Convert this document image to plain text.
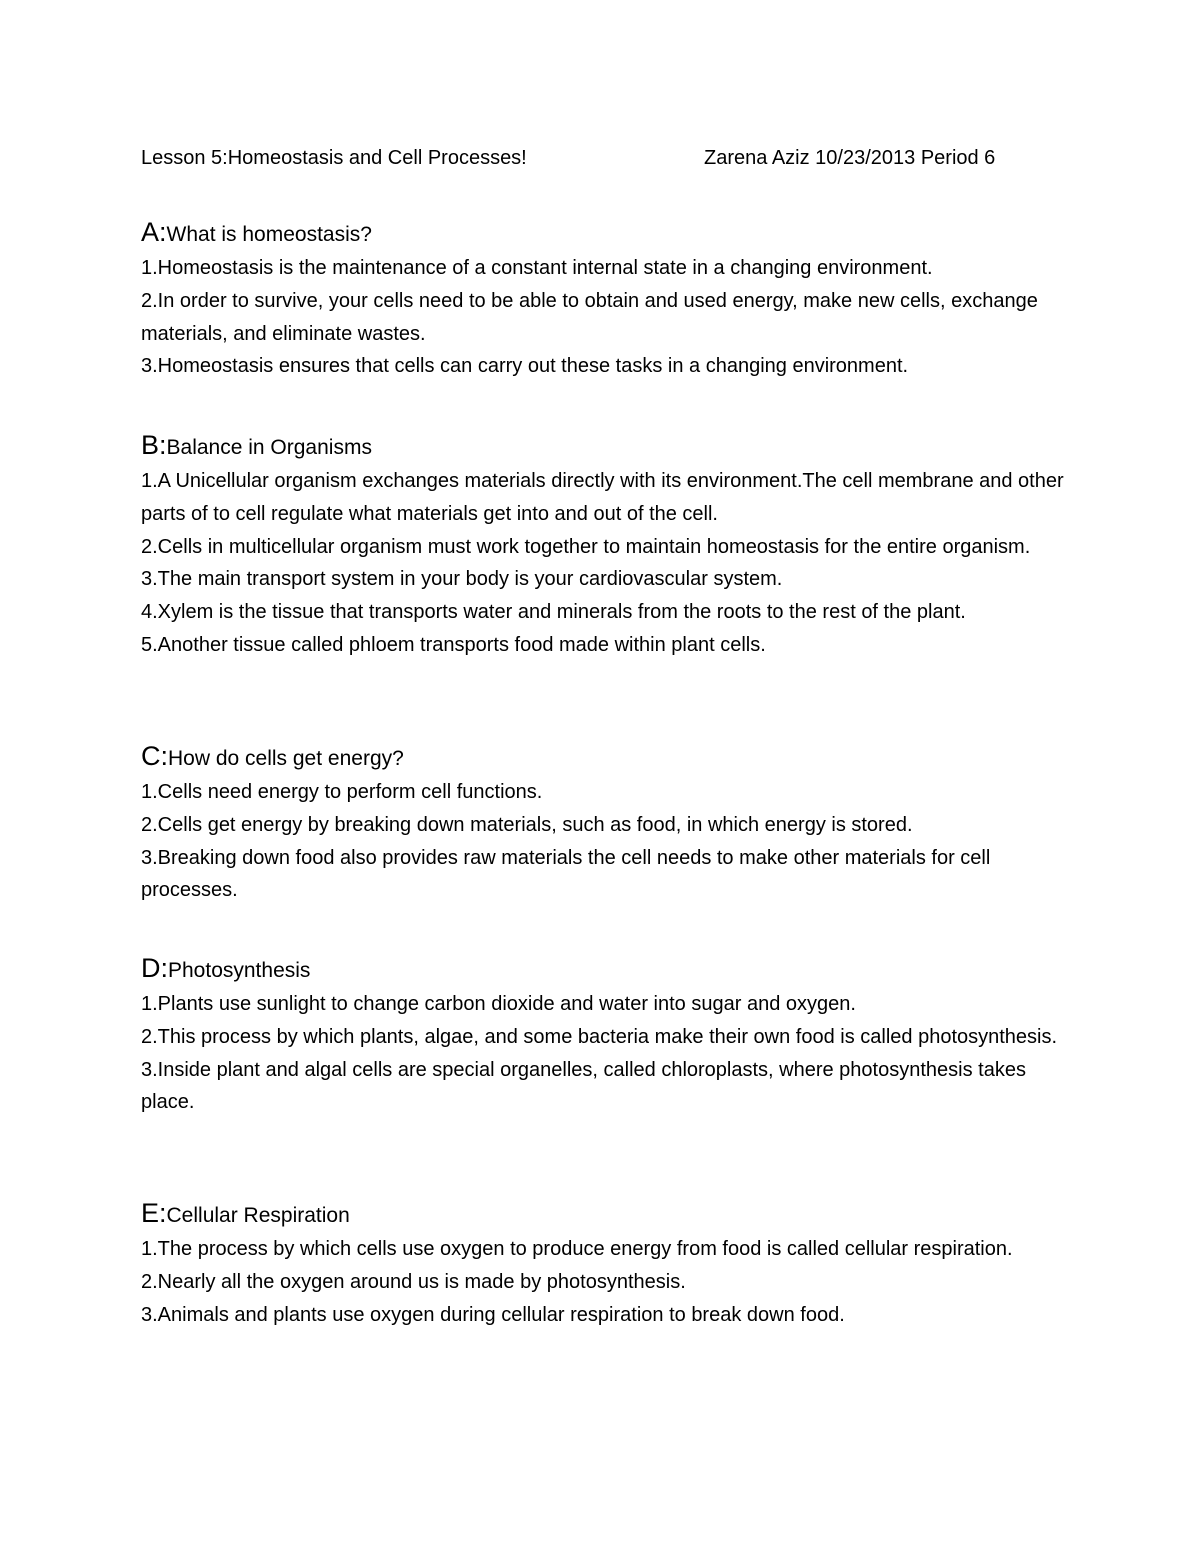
Lesson 5:Homeostasis and Cell Processes!	Zarena Aziz 10/23/2013 Period 6
A:What is homeostasis?
1.Homeostasis is the maintenance of a constant internal state in a changing environment.
2.In order to survive, your cells need to be able to obtain and used energy, make new cells, exchange materials, and eliminate wastes.
3.Homeostasis ensures that cells can carry out these tasks in a changing environment.
B:Balance in Organisms
1.A Unicellular organism exchanges materials directly with its environment.The cell membrane and other parts of to cell regulate what materials get into and out of the cell.
2.Cells in multicellular organism must work together to maintain homeostasis for the entire organism.
3.The main transport system in your body is your cardiovascular system.
4.Xylem is the tissue that transports water and minerals from the roots to the rest of the plant.
5.Another tissue called phloem transports food made within plant cells.
C:How do cells get energy?
1.Cells need energy to perform cell functions.
2.Cells get energy by breaking down materials, such as food, in which energy is stored.
3.Breaking down food also provides raw materials the cell needs to make other materials for cell processes.
D:Photosynthesis
1.Plants use sunlight to change carbon dioxide and water into sugar and oxygen.
2.This process by which plants, algae, and some bacteria make their own food is called photosynthesis.
3.Inside plant and algal cells are special organelles, called chloroplasts, where photosynthesis takes place.
E:Cellular Respiration
1.The process by which cells use oxygen to produce energy from food is called cellular respiration.
2.Nearly all the oxygen around us is made by photosynthesis.
3.Animals and plants use oxygen during cellular respiration to break down food.
